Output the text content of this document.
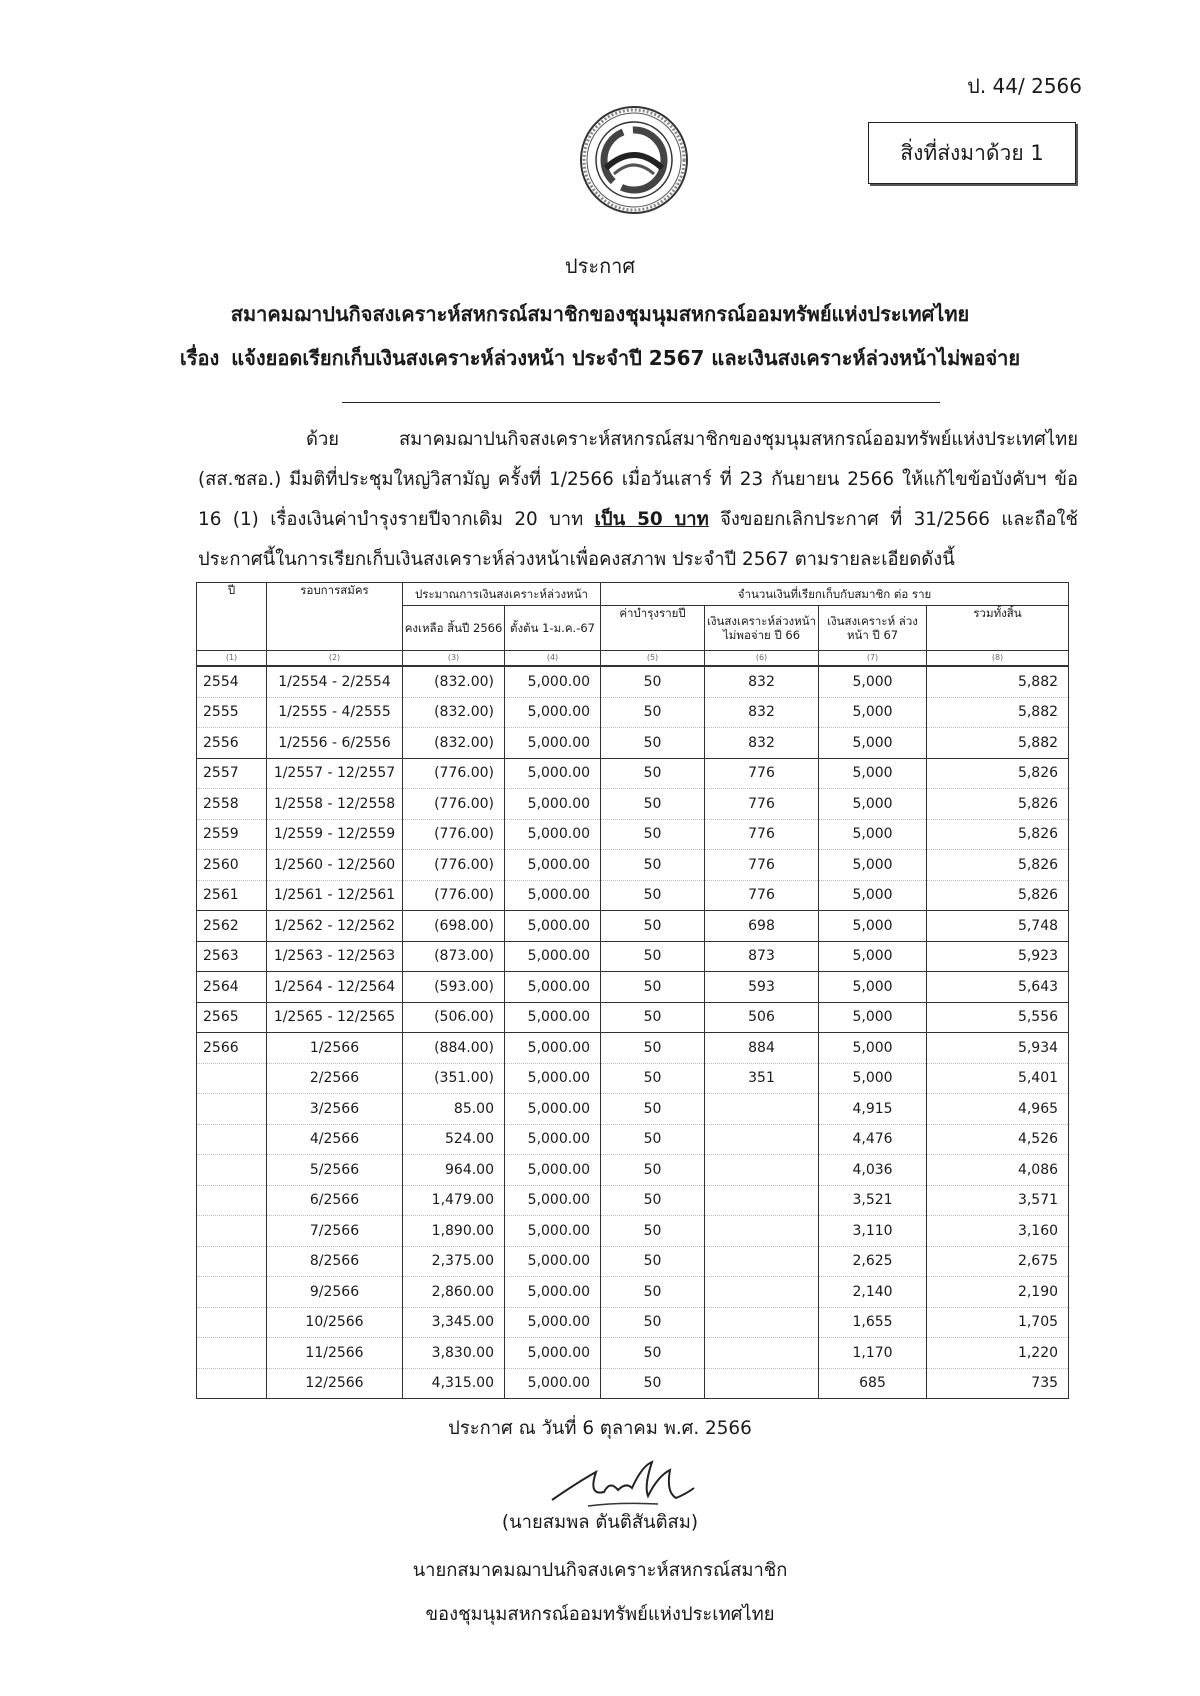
ป. 44/ 2566
สิ่งที่ส่งมาด้วย 1
ประกาศ
สมาคมฌาปนกิจสงเคราะห์สหกรณ์สมาชิกของชุมนุมสหกรณ์ออมทรัพย์แห่งประเทศไทย
เรื่อง แจ้งยอดเรียกเก็บเงินสงเคราะห์ล่วงหน้า ประจำปี 2567 และเงินสงเคราะห์ล่วงหน้าไม่พอจ่าย
ด้วย สมาคมฌาปนกิจสงเคราะห์สหกรณ์สมาชิกของชุมนุมสหกรณ์ออมทรัพย์แห่งประเทศไทย (สส.ชสอ.) มีมติที่ประชุมใหญ่วิสามัญ ครั้งที่ 1/2566 เมื่อวันเสาร์ ที่ 23 กันยายน 2566 ให้แก้ไขข้อบังคับฯ ข้อ 16 (1) เรื่องเงินค่าบำรุงรายปีจากเดิม 20 บาท เป็น 50 บาท จึงขอยกเลิกประกาศ ที่ 31/2566 และถือใช้ประกาศนี้ในการเรียกเก็บเงินสงเคราะห์ล่วงหน้าเพื่อคงสภาพ ประจำปี 2567 ตามรายละเอียดดังนี้
ปี	รอบการสมัคร	ประมาณการเงินสงเคราะห์ล่วงหน้า		จำนวนเงินที่เรียกเก็บกับสมาชิก ต่อ ราย			
		คงเหลือ สิ้นปี 2566	ตั้งต้น 1-ม.ค.-67	ค่าบำรุงรายปี	เงินสงเคราะห์ล่วงหน้า ไม่พอจ่าย ปี 66	เงินสงเคราะห์ ล่วงหน้า ปี 67	รวมทั้งสิ้น
(1)	(2)	(3)	(4)	(5)	(6)	(7)	(8)
2554	1/2554 - 2/2554	(832.00)	5,000.00	50	832	5,000	5,882
2555	1/2555 - 4/2555	(832.00)	5,000.00	50	832	5,000	5,882
2556	1/2556 - 6/2556	(832.00)	5,000.00	50	832	5,000	5,882
2557	1/2557 - 12/2557	(776.00)	5,000.00	50	776	5,000	5,826
2558	1/2558 - 12/2558	(776.00)	5,000.00	50	776	5,000	5,826
2559	1/2559 - 12/2559	(776.00)	5,000.00	50	776	5,000	5,826
2560	1/2560 - 12/2560	(776.00)	5,000.00	50	776	5,000	5,826
2561	1/2561 - 12/2561	(776.00)	5,000.00	50	776	5,000	5,826
2562	1/2562 - 12/2562	(698.00)	5,000.00	50	698	5,000	5,748
2563	1/2563 - 12/2563	(873.00)	5,000.00	50	873	5,000	5,923
2564	1/2564 - 12/2564	(593.00)	5,000.00	50	593	5,000	5,643
2565	1/2565 - 12/2565	(506.00)	5,000.00	50	506	5,000	5,556
2566	1/2566	(884.00)	5,000.00	50	884	5,000	5,934
	2/2566	(351.00)	5,000.00	50	351	5,000	5,401
	3/2566	85.00	5,000.00	50		4,915	4,965
	4/2566	524.00	5,000.00	50		4,476	4,526
	5/2566	964.00	5,000.00	50		4,036	4,086
	6/2566	1,479.00	5,000.00	50		3,521	3,571
	7/2566	1,890.00	5,000.00	50		3,110	3,160
	8/2566	2,375.00	5,000.00	50		2,625	2,675
	9/2566	2,860.00	5,000.00	50		2,140	2,190
	10/2566	3,345.00	5,000.00	50		1,655	1,705
	11/2566	3,830.00	5,000.00	50		1,170	1,220
	12/2566	4,315.00	5,000.00	50		685	735
ประกาศ ณ วันที่ 6 ตุลาคม พ.ศ. 2566
(นายสมพล ตันติสันติสม)
นายกสมาคมฌาปนกิจสงเคราะห์สหกรณ์สมาชิก
ของชุมนุมสหกรณ์ออมทรัพย์แห่งประเทศไทย
